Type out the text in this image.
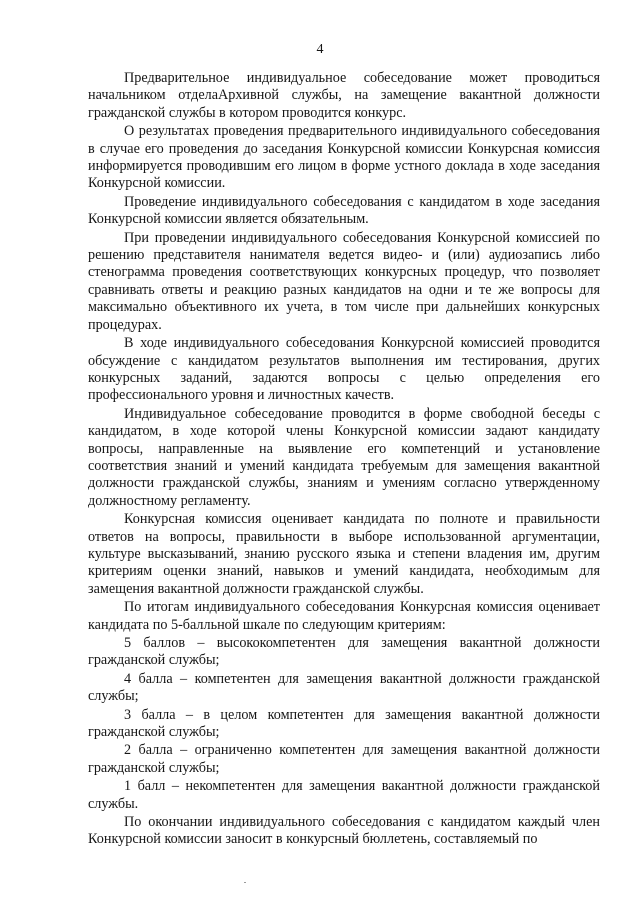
4

Предварительное индивидуальное собеседование может проводиться начальником отделаАрхивной службы, на замещение вакантной должности гражданской службы в котором проводится конкурс.

О результатах проведения предварительного индивидуального собеседования в случае его проведения до заседания Конкурсной комиссии Конкурсная комиссия информируется проводившим его лицом в форме устного доклада в ходе заседания Конкурсной комиссии.

Проведение индивидуального собеседования с кандидатом в ходе заседания Конкурсной комиссии является обязательным.

При проведении индивидуального собеседования Конкурсной комиссией по решению представителя нанимателя ведется видео- и (или) аудиозапись либо стенограмма проведения соответствующих конкурсных процедур, что позволяет сравнивать ответы и реакцию разных кандидатов на одни и те же вопросы для максимально объективного их учета, в том числе при дальнейших конкурсных процедурах.

В ходе индивидуального собеседования Конкурсной комиссией проводится обсуждение с кандидатом результатов выполнения им тестирования, других конкурсных заданий, задаются вопросы с целью определения его профессионального уровня и личностных качеств.

Индивидуальное собеседование проводится в форме свободной беседы с кандидатом, в ходе которой члены Конкурсной комиссии задают кандидату вопросы, направленные на выявление его компетенций и установление соответствия знаний и умений кандидата требуемым для замещения вакантной должности гражданской службы, знаниям и умениям согласно утвержденному должностному регламенту.

Конкурсная комиссия оценивает кандидата по полноте и правильности ответов на вопросы, правильности в выборе использованной аргументации, культуре высказываний, знанию русского языка и степени владения им, другим критериям оценки знаний, навыков и умений кандидата, необходимым для замещения вакантной должности гражданской службы.

По итогам индивидуального собеседования Конкурсная комиссия оценивает кандидата по 5-балльной шкале по следующим критериям:

5 баллов – высококомпетентен для замещения вакантной должности гражданской службы;

4 балла – компетентен для замещения вакантной должности гражданской службы;

3 балла – в целом компетентен для замещения вакантной должности гражданской службы;

2 балла – ограниченно компетентен для замещения вакантной должности гражданской службы;

1 балл – некомпетентен для замещения вакантной должности гражданской службы.

По окончании индивидуального собеседования с кандидатом каждый член Конкурсной комиссии заносит в конкурсный бюллетень, составляемый по
